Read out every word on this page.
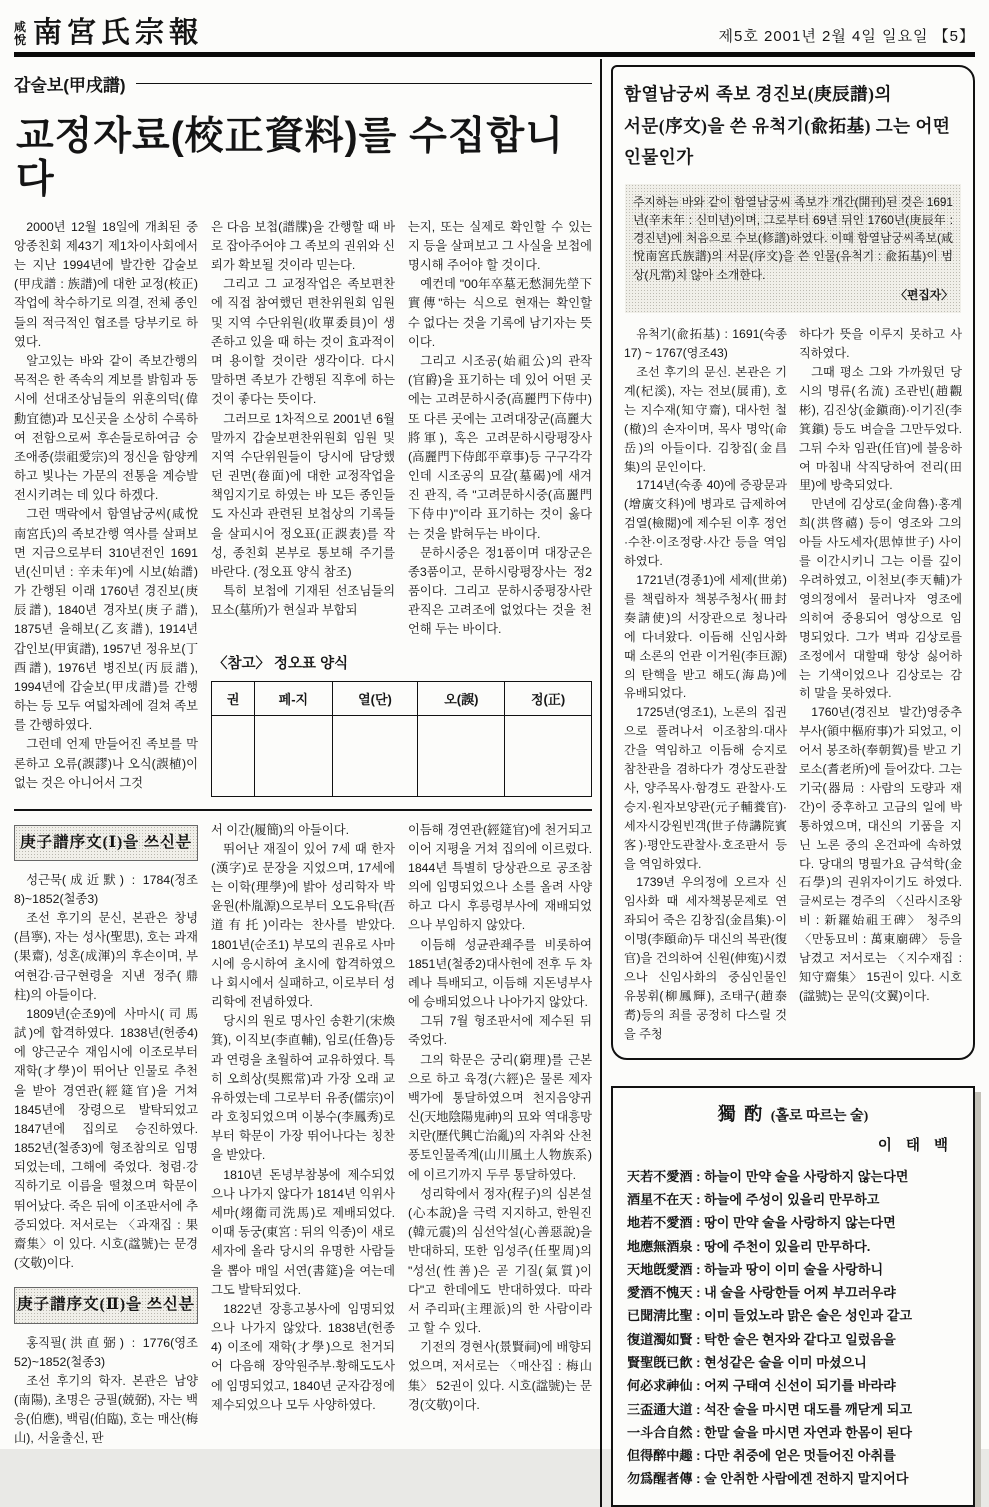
咸
悅 南宮氏宗報	제5호 2001년 2월 4일 일요일 【5】
갑술보(甲戌譜)
교정자료(校正資料)를 수집합니다

2000년 12월 18일에 개최된 중앙종친회 제43기 제1차이사회에서는 지난 1994년에 발간한 갑술보(甲戌譜 : 族譜)에 대한 교정(校正)작업에 착수하기로 의결, 전체 종인들의 적극적인 협조를 당부키로 하였다.

알고있는 바와 같이 족보간행의 목적은 한 족속의 계보를 밝힘과 동시에 선대조상님들의 위훈의덕(偉勳宜德)과 모신곳을 소상히 수록하여 전함으로써 후손들로하여금 숭조애종(崇祖愛宗)의 정신을 함양케 하고 빛나는 가문의 전통을 계승발전시키려는 데 있다 하겠다.

그런 맥락에서 함열남궁씨(咸悅南宮氏)의 족보간행 역사를 살펴보면 지금으로부터 310년전인 1691년(신미년 : 辛未年)에 시보(始譜)가 간행된 이래 1760년 경진보(庚辰譜), 1840년 경자보(庚子譜), 1875년 을해보(乙亥譜), 1914년 갑인보(甲寅譜), 1957년 정유보(丁酉譜), 1976년 병진보(丙辰譜), 1994년에 갑술보(甲戌譜)를 간행하는 등 모두 여덟차례에 걸쳐 족보를 간행하였다.

그런데 언제 만들어진 족보를 막론하고 오류(誤謬)나 오식(誤植)이 없는 것은 아니어서 그것

은 다음 보첩(譜牒)을 간행할 때 바로 잡아주어야 그 족보의 권위와 신뢰가 확보될 것이라 믿는다.

그리고 그 교정작업은 족보편찬에 직접 참여했던 편찬위원회 임원 및 지역 수단위원(收單委員)이 생존하고 있을 때 하는 것이 효과적이며 용이할 것이란 생각이다. 다시 말하면 족보가 간행된 직후에 하는 것이 좋다는 뜻이다.

그러므로 1차적으로 2001년 6월말까지 갑술보편찬위원회 임원 및 지역 수단위원들이 당시에 담당했던 권면(卷面)에 대한 교정작업을 책임지기로 하였는 바 모든 종인들도 자신과 관련된 보첩상의 기록들을 살피시어 정오표(正誤表)를 작성, 종친회 본부로 통보해 주기를 바란다. (정오표 양식 참조)

특히 보첩에 기재된 선조님들의 묘소(墓所)가 현실과 부합되

는지, 또는 실제로 확인할 수 있는지 등을 살펴보고 그 사실을 보첩에 명시해 주어야 할 것이다.

예컨데 "00年卒墓无愁洞先塋下實傳"하는 식으로 현재는 확인할 수 없다는 것을 기록에 남기자는 뜻이다.

그리고 시조공(始祖公)의 관작(官爵)을 표기하는 데 있어 어떤 곳에는 고려문하시중(高麗門下侍中) 또 다른 곳에는 고려대장군(高麗大將軍), 혹은 고려문하시랑평장사(高麗門下侍郞平章事)등 구구각각인데 시조공의 묘갈(墓碣)에 새겨진 관직, 즉 "고려문하시중(高麗門下侍中)"이라 표기하는 것이 옳다는 것을 밝혀두는 바이다.

문하시중은 정1품이며 대장군은 종3품이고, 문하시랑평장사는 정2품이다. 그리고 문하시중평장사란 관직은 고려조에 없었다는 것을 천언해 두는 바이다.

〈참고〉 정오표 양식
권	페-지	열(단)	오(誤)	정(正)

庚子譜序文(Ⅰ)을 쓰신분

성근묵(成近默) : 1784(정조8)~1852(철종3)

조선 후기의 문신, 본관은 창녕(昌寧), 자는 성사(聖思), 호는 과재(果齋), 성혼(成渾)의 후손이며, 부여현감·금구현령을 지낸 정주(鼎柱)의 아들이다.

1809년(순조9)에 사마시(司馬試)에 합격하였다. 1838년(헌종4)에 양근군수 재임시에 이조로부터 재학(才學)이 뛰어난 인물로 추천을 받아 경연관(經筵官)을 거쳐 1845년에 장령으로 발탁되었고 1847년에 집의로 승진하였다. 1852년(철종3)에 형조참의로 임명되었는데, 그해에 죽었다. 청렴·강직하기로 이름을 떨쳤으며 학문이 뛰어났다. 죽은 뒤에 이조판서에 추증되었다. 저서로는 〈과재집 : 果齋集〉이 있다. 시호(諡號)는 문경(文敬)이다.

庚子譜序文(Ⅱ)을 쓰신분

홍직필(洪直弼) : 1776(영조52)~1852(철종3)

조선 후기의 학자. 본관은 남양(南陽), 초명은 긍필(兢弼), 자는 백응(伯應), 백림(伯臨), 호는 매산(梅山), 서울출신, 판

서 이간(履簡)의 아들이다.

뛰어난 재질이 있어 7세 때 한자(漢字)로 문장을 지었으며, 17세에는 이학(理學)에 밝아 성리학자 박윤원(朴胤源)으로부터 오도유탁(吾道有托)이라는 찬사를 받았다. 1801년(순조1) 부모의 권유로 사마시에 응시하여 초시에 합격하였으나 회시에서 실패하고, 이로부터 성리학에 전념하였다.

당시의 원로 명사인 송환기(宋煥箕), 이직보(李直輔), 임로(任魯)등과 연령을 초월하여 교유하였다. 특히 오희상(吳熙常)과 가장 오래 교유하였는데 그로부터 유종(儒宗)이라 호칭되었으며 이봉수(李鳳秀)로부터 학문이 가장 뛰어나다는 칭찬을 받았다.

1810년 돈녕부참봉에 제수되었으나 나가지 않다가 1814년 익위사세마(翊衛司洗馬)로 제배되었다. 이때 동궁(東宮 : 뒤의 익종)이 새로 세자에 올라 당시의 유명한 사람들을 뽑아 매일 서연(書筵)을 여는데 그도 발탁되었다.

1822년 장흥고봉사에 임명되었으나 나가지 않았다. 1838년(헌종4) 이조에 재학(才學)으로 천거되어 다음해 장악원주부·황해도도사에 임명되었고, 1840년 군자감정에 제수되었으나 모두 사양하였다.

이듬해 경연관(經筵官)에 천거되고 이어 지평을 거쳐 집의에 이르렀다. 1844년 특별히 당상관으로 공조참의에 임명되었으나 소를 올려 사양하고 다시 후릉령부사에 재배되었으나 부임하지 않았다.

이듬해 성균관좨주를 비롯하여 1851년(철종2)대사헌에 전후 두 차례나 특배되고, 이듬해 지돈녕부사에 승배되었으나 나아가지 않았다.

그뒤 7월 형조판서에 제수된 뒤 죽었다.

그의 학문은 궁리(窮理)를 근본으로 하고 육경(六經)은 물론 제자백가에 통달하였으며 천지음양귀신(天地陰陽鬼神)의 묘와 역대흥망치란(歷代興亡治亂)의 자취와 산천풍토인물족계(山川風土人物族系)에 이르기까지 두루 통달하였다.

성리학에서 정자(程子)의 심본설(心本說)을 극력 지지하고, 한원진(韓元震)의 심선악설(心善惡說)을 반대하되, 또한 임성주(任聖周)의 "성선(性善)은 곧 기질(氣質)이다"고 한데에도 반대하였다. 따라서 주리파(主理派)의 한 사람이라고 할 수 있다.

기전의 경현사(景賢祠)에 배향되었으며, 저서로는 〈매산집 : 梅山集〉 52권이 있다. 시호(諡號)는 문경(文敬)이다.

함열남궁씨 족보 경진보(庚辰譜)의
서문(序文)을 쓴 유척기(兪拓基) 그는 어떤 인물인가
주지하는 바와 같이 함열남궁씨 족보가 개간(開刊)된 것은 1691년(辛未年 : 신미년)이며, 그로부터 69년 뒤인 1760년(庚辰年 : 경진년)에 처음으로 수보(修譜)하였다. 이때 함열남궁씨족보(咸悅南宮氏族譜)의 서문(序文)을 쓴 인물(유척기 : 兪拓基)이 범상(凡常)치 않아 소개한다.
〈편집자〉

유척기(兪拓基) : 1691(숙종17) ~ 1767(영조43)

조선 후기의 문신. 본관은 기계(杞溪), 자는 전보(展甫), 호는 지수재(知守齋), 대사헌 철(㯙)의 손자이며, 목사 명악(命岳)의 아들이다. 김창집(金昌集)의 문인이다.

1714년(숙종 40)에 증광문과(增廣文科)에 병과로 급제하여 검열(檢閱)에 제수된 이후 정언·수찬·이조정랑·사간 등을 역임하였다.

1721년(경종1)에 세제(世弟)를 책립하자 책봉주청사(冊封奏請使)의 서장관으로 청나라에 다녀왔다. 이듬해 신임사화 때 소론의 언관 이거원(李巨源)의 탄핵을 받고 해도(海島)에 유배되었다.

1725년(영조1), 노론의 집권으로 풀려나서 이조참의·대사간을 역임하고 이듬해 승지로 참찬관을 겸하다가 경상도관찰사, 양주목사·함경도 관찰사·도승지·원자보양관(元子輔養官)·세자시강원빈객(世子侍講院賓客)·평안도관찰사·호조판서 등을 역임하였다.

1739년 우의정에 오르자 신임사화 때 세자책봉문제로 연좌되어 죽은 김창집(金昌集)·이이명(李頤命)두 대신의 복관(復官)을 건의하여 신원(伸寃)시켰으나 신임사화의 중심인물인 유봉휘(柳鳳輝), 조태구(趙泰耉)등의 죄를 공정히 다스릴 것을 주청

하다가 뜻을 이루지 못하고 사직하였다.

그때 평소 그와 가까웠던 당시의 명류(名流) 조관빈(趙觀彬), 김진상(金鎭商)·이기진(李箕鎭) 등도 벼슬을 그만두었다. 그뒤 수차 임관(任官)에 불응하여 마침내 삭직당하여 전리(田里)에 방축되었다.

만년에 김상로(金尙魯)·홍계희(洪啓禧) 등이 영조와 그의 아들 사도세자(思悼世子) 사이를 이간시키니 그는 이를 깊이 우려하였고, 이천보(李天輔)가 영의정에서 물러나자 영조에 의히여 중용되어 영상으로 임명되었다. 그가 벽파 김상로를 조정에서 대할때 항상 싫어하는 기색이었으나 김상로는 감히 말을 못하였다.

1760년(경진보 발간)영중추부사(領中樞府事)가 되었고, 이어서 봉조하(奉朝賀)를 받고 기로소(耆老所)에 들어갔다. 그는 기국(器局 : 사람의 도량과 재간)이 중후하고 고금의 일에 박통하였으며, 대신의 기품을 지닌 노론 중의 온건파에 속하였다. 당대의 명필가요 금석학(金石學)의 권위자이기도 하였다. 글씨로는 경주의 〈신라시조왕비 : 新羅始祖王碑〉 청주의 〈만동묘비 : 萬東廟碑〉 등을 남겼고 저서로는 〈지수재집 : 知守齋集〉 15권이 있다. 시호(諡號)는 문익(文翼)이다.

獨 酌 (홀로 따르는 술)
이 태 백
天若不愛酒 : 하늘이 만약 술을 사랑하지 않는다면
酒星不在天 : 하늘에 주성이 있을리 만무하고
地若不愛酒 : 땅이 만약 술을 사랑하지 않는다면
地應無酒泉 : 땅에 주천이 있을리 만무하다.
天地旣愛酒 : 하늘과 땅이 이미 술을 사랑하니
愛酒不愧天 : 내 술을 사랑한들 어찌 부끄러우랴
已聞淸比聖 : 이미 들었노라 맑은 술은 성인과 같고
復道濁如賢 : 탁한 술은 현자와 같다고 일렀음을
賢聖旣已飮 : 현성같은 술을 이미 마셨으니
何必求神仙 : 어찌 구태여 신선이 되기를 바라랴
三盃通大道 : 석잔 술을 마시면 대도를 깨닫게 되고
一斗合自然 : 한말 술을 마시면 자연과 한몸이 된다
但得醉中趣 : 다만 취중에 얻은 멋들어진 아취를
勿爲醒者傳 : 술 안취한 사람에겐 전하지 말지어다
